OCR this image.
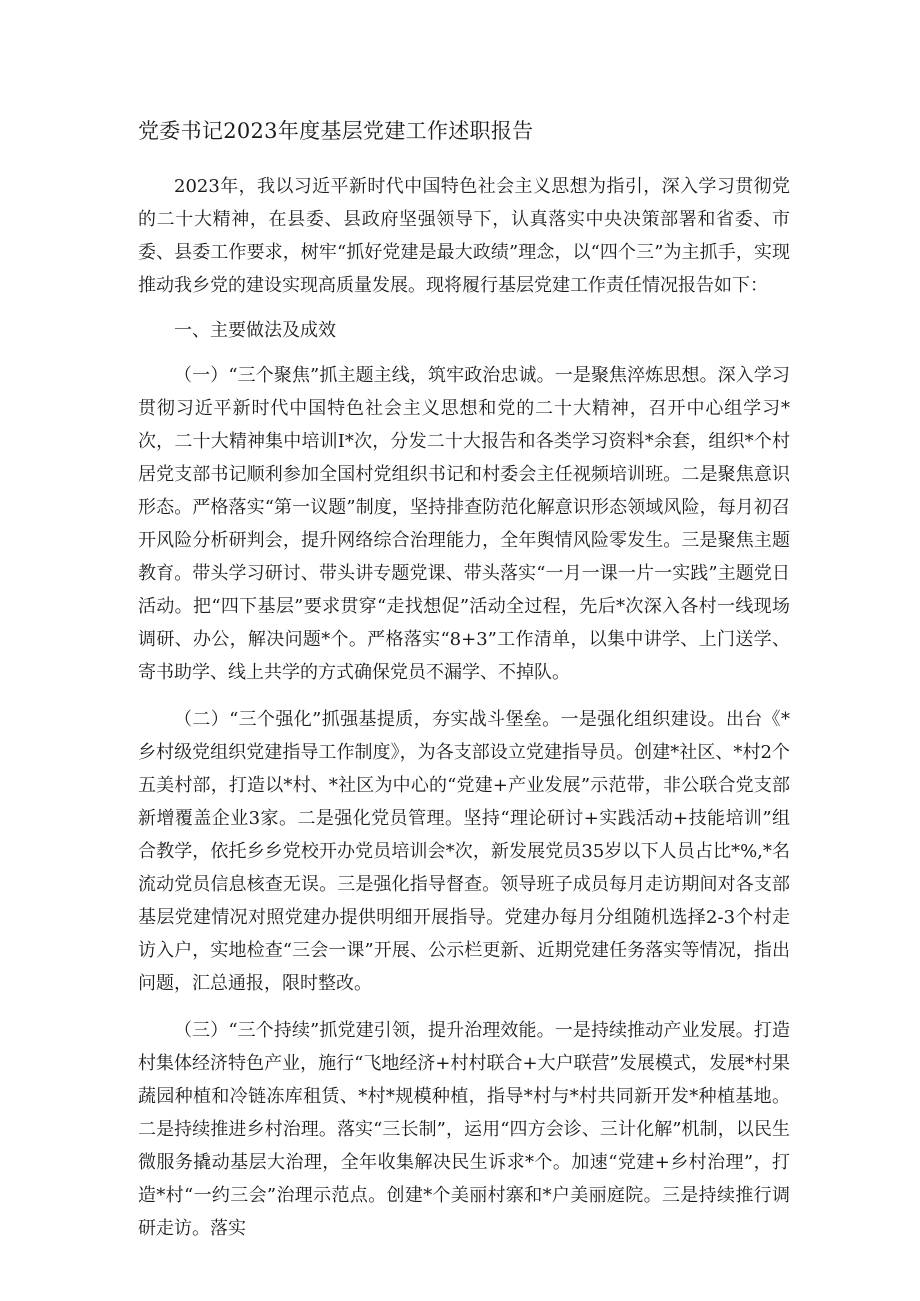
党委书记2023年度基层党建工作述职报告

2023年，我以习近平新时代中国特色社会主义思想为指引，深入学习贯彻党的二十大精神，在县委、县政府坚强领导下，认真落实中央决策部署和省委、市委、县委工作要求，树牢“抓好党建是最大政绩”理念，以“四个三”为主抓手，实现推动我乡党的建设实现高质量发展。现将履行基层党建工作责任情况报告如下：

一、主要做法及成效

（一）“三个聚焦”抓主题主线，筑牢政治忠诚。一是聚焦淬炼思想。深入学习贯彻习近平新时代中国特色社会主义思想和党的二十大精神，召开中心组学习*次，二十大精神集中培训I*次，分发二十大报告和各类学习资料*余套，组织*个村居党支部书记顺利参加全国村党组织书记和村委会主任视频培训班。二是聚焦意识形态。严格落实“第一议题”制度，坚持排查防范化解意识形态领域风险，每月初召开风险分析研判会，提升网络综合治理能力，全年舆情风险零发生。三是聚焦主题教育。带头学习研讨、带头讲专题党课、带头落实“一月一课一片一实践”主题党日活动。把“四下基层”要求贯穿“走找想促”活动全过程，先后*次深入各村一线现场调研、办公，解决问题*个。严格落实“8+3”工作清单，以集中讲学、上门送学、寄书助学、线上共学的方式确保党员不漏学、不掉队。

（二）“三个强化”抓强基提质，夯实战斗堡垒。一是强化组织建设。出台《*乡村级党组织党建指导工作制度》，为各支部设立党建指导员。创建*社区、*村2个五美村部，打造以*村、*社区为中心的“党建+产业发展”示范带，非公联合党支部新增覆盖企业3家。二是强化党员管理。坚持“理论研讨+实践活动+技能培训”组合教学，依托乡乡党校开办党员培训会*次，新发展党员35岁以下人员占比*%,*名流动党员信息核查无误。三是强化指导督查。领导班子成员每月走访期间对各支部基层党建情况对照党建办提供明细开展指导。党建办每月分组随机选择2-3个村走访入户，实地检查“三会一课”开展、公示栏更新、近期党建任务落实等情况，指出问题，汇总通报，限时整改。

（三）“三个持续”抓党建引领，提升治理效能。一是持续推动产业发展。打造村集体经济特色产业，施行“飞地经济+村村联合+大户联营”发展模式，发展*村果蔬园种植和冷链冻库租赁、*村*规模种植，指导*村与*村共同新开发*种植基地。二是持续推进乡村治理。落实“三长制”，运用“四方会诊、三计化解”机制，以民生微服务撬动基层大治理，全年收集解决民生诉求*个。加速“党建+乡村治理”，打造*村“一约三会”治理示范点。创建*个美丽村寨和*户美丽庭院。三是持续推行调研走访。落实
